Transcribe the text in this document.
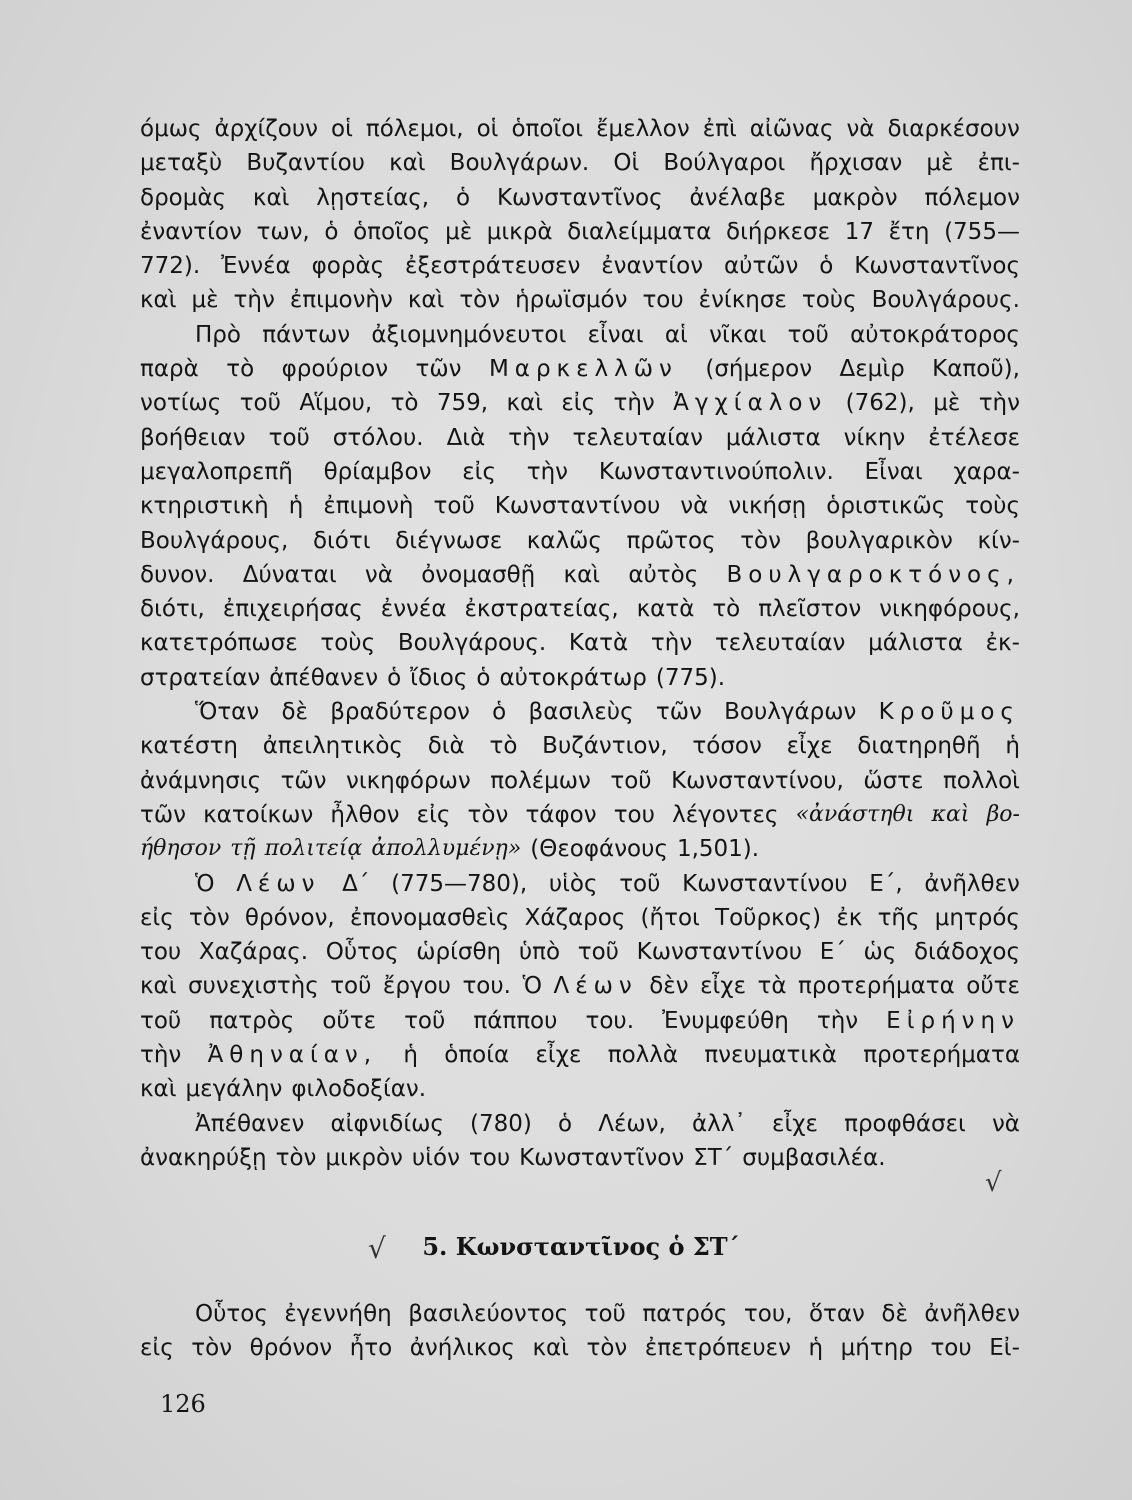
όμως ἀρχίζουν οἱ πόλεμοι, οἱ ὁποῖοι ἔμελλον ἐπὶ αἰῶνας νὰ διαρκέσουν
μεταξὺ Βυζαντίου καὶ Βουλγάρων. Οἱ Βούλγαροι ἤρχισαν μὲ ἐπι-
δρομὰς καὶ λῃστείας, ὁ Κωνσταντῖνος ἀνέλαβε μακρὸν πόλεμον
ἐναντίον των, ὁ ὁποῖος μὲ μικρὰ διαλείμματα διήρκεσε 17 ἔτη (755—
772). Ἐννέα φορὰς ἐξεστράτευσεν ἐναντίον αὐτῶν ὁ Κωνσταντῖνος
καὶ μὲ τὴν ἐπιμονὴν καὶ τὸν ἡρωϊσμόν του ἐνίκησε τοὺς Βουλγάρους.
Πρὸ πάντων ἀξιομνημόνευτοι εἶναι αἱ νῖκαι τοῦ αὐτοκράτορος
παρὰ τὸ φρούριον τῶν Μαρκελλῶν (σήμερον Δεμὶρ Καποῦ),
νοτίως τοῦ Αἵμου, τὸ 759, καὶ εἰς τὴν Ἀγχίαλον (762), μὲ τὴν
βοήθειαν τοῦ στόλου. Διὰ τὴν τελευταίαν μάλιστα νίκην ἐτέλεσε
μεγαλοπρεπῆ θρίαμβον εἰς τὴν Κωνσταντινούπολιν. Εἶναι χαρα-
κτηριστικὴ ἡ ἐπιμονὴ τοῦ Κωνσταντίνου νὰ νικήσῃ ὁριστικῶς τοὺς
Βουλγάρους, διότι διέγνωσε καλῶς πρῶτος τὸν βουλγαρικὸν κίν-
δυνον. Δύναται νὰ ὀνομασθῇ καὶ αὐτὸς Βουλγαροκτόνος,
διότι, ἐπιχειρήσας ἐννέα ἐκστρατείας, κατὰ τὸ πλεῖστον νικηφόρους,
κατετρόπωσε τοὺς Βουλγάρους. Κατὰ τὴν τελευταίαν μάλιστα ἐκ-
στρατείαν ἀπέθανεν ὁ ἴδιος ὁ αὐτοκράτωρ (775).
Ὅταν δὲ βραδύτερον ὁ βασιλεὺς τῶν Βουλγάρων Κροῦμος
κατέστη ἀπειλητικὸς διὰ τὸ Βυζάντιον, τόσον εἶχε διατηρηθῆ ἡ
ἀνάμνησις τῶν νικηφόρων πολέμων τοῦ Κωνσταντίνου, ὥστε πολλοὶ
τῶν κατοίκων ἦλθον εἰς τὸν τάφον του λέγοντες «ἀνάστηθι καὶ βο-
ήθησον τῇ πολιτείᾳ ἀπολλυμένῃ» (Θεοφάνους 1,501).
Ὁ Λέων Δ΄ (775—780), υἱὸς τοῦ Κωνσταντίνου Ε΄, ἀνῆλθεν
εἰς τὸν θρόνον, ἐπονομασθεὶς Χάζαρος (ἤτοι Τοῦρκος) ἐκ τῆς μητρός
του Χαζάρας. Οὗτος ὡρίσθη ὑπὸ τοῦ Κωνσταντίνου Ε΄ ὡς διάδοχος
καὶ συνεχιστὴς τοῦ ἔργου του. Ὁ Λέων δὲν εἶχε τὰ προτερήματα οὔτε
τοῦ πατρὸς οὔτε τοῦ πάππου του. Ἐνυμφεύθη τὴν Εἰρήνην
τὴν Ἀθηναίαν, ἡ ὁποία εἶχε πολλὰ πνευματικὰ προτερήματα
καὶ μεγάλην φιλοδοξίαν.
Ἀπέθανεν αἰφνιδίως (780) ὁ Λέων, ἀλλ᾿ εἶχε προφθάσει νὰ
ἀνακηρύξῃ τὸν μικρὸν υἱόν του Κωνσταντῖνον ΣΤ΄ συμβασιλέα.
5. Κωνσταντῖνος ὁ ΣΤ΄
Οὗτος ἐγεννήθη βασιλεύοντος τοῦ πατρός του, ὅταν δὲ ἀνῆλθεν
εἰς τὸν θρόνον ἦτο ἀνήλικος καὶ τὸν ἐπετρόπευεν ἡ μήτηρ του Εἰ-
126
√
√
